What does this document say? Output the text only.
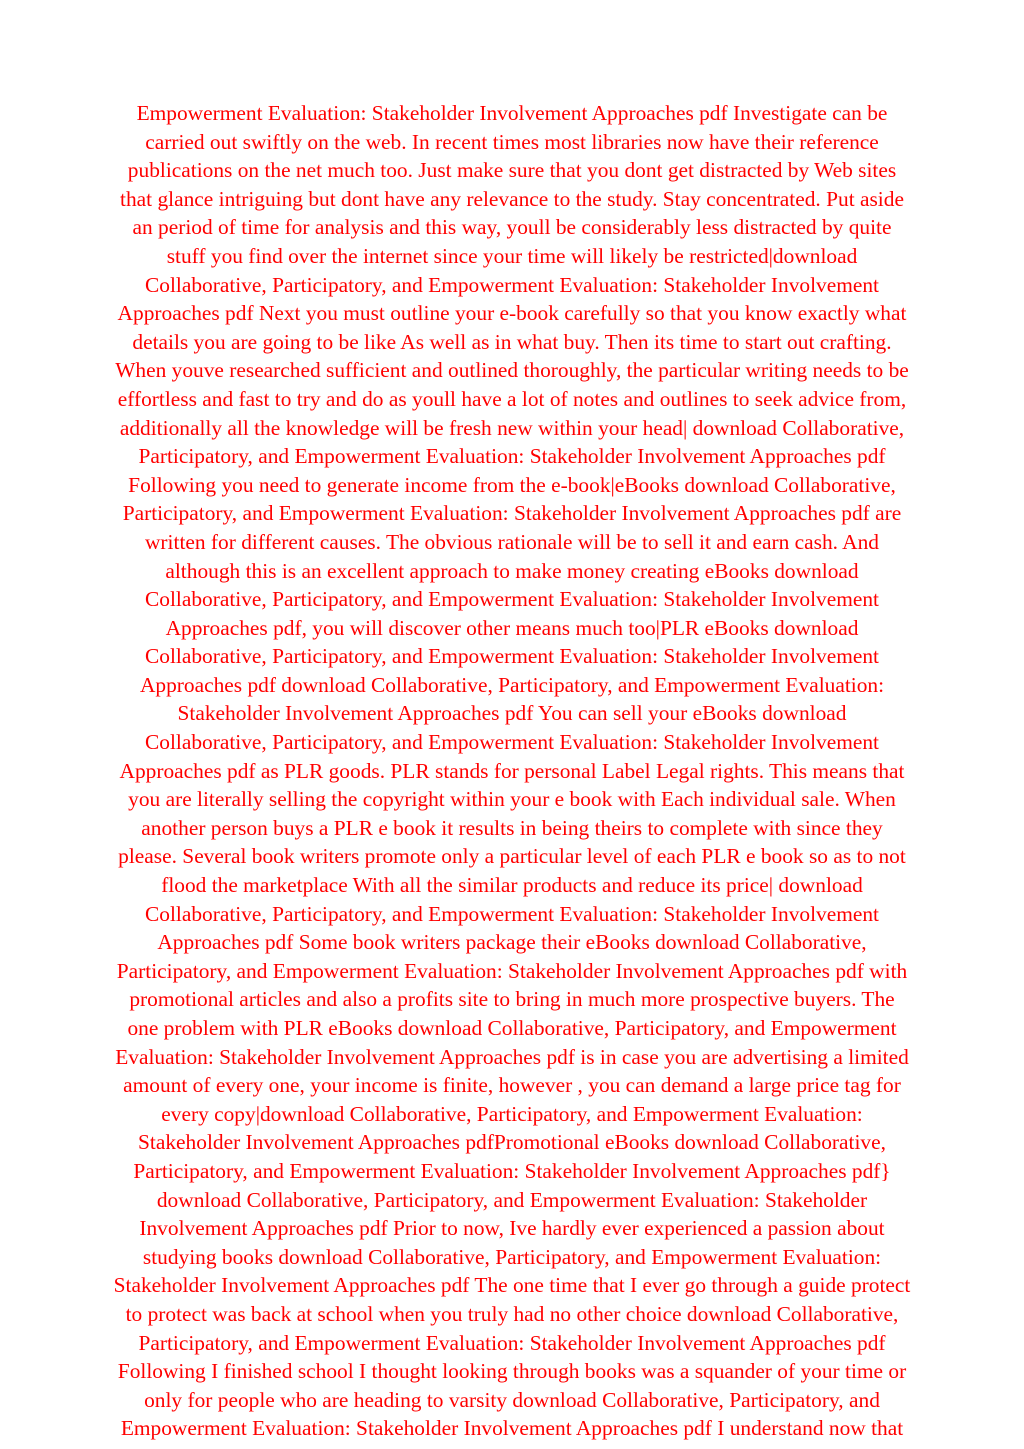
Empowerment Evaluation: Stakeholder Involvement Approaches pdf Investigate can be
carried out swiftly on the web. In recent times most libraries now have their reference
publications on the net much too. Just make sure that you dont get distracted by Web sites
that glance intriguing but dont have any relevance to the study. Stay concentrated. Put aside
an period of time for analysis and this way, youll be considerably less distracted by quite
stuff you find over the internet since your time will likely be restricted|download
Collaborative, Participatory, and Empowerment Evaluation: Stakeholder Involvement
Approaches pdf Next you must outline your e-book carefully so that you know exactly what
details you are going to be like As well as in what buy. Then its time to start out crafting.
When youve researched sufficient and outlined thoroughly, the particular writing needs to be
effortless and fast to try and do as youll have a lot of notes and outlines to seek advice from,
additionally all the knowledge will be fresh new within your head| download Collaborative,
Participatory, and Empowerment Evaluation: Stakeholder Involvement Approaches pdf
Following you need to generate income from the e-book|eBooks download Collaborative,
Participatory, and Empowerment Evaluation: Stakeholder Involvement Approaches pdf are
written for different causes. The obvious rationale will be to sell it and earn cash. And
although this is an excellent approach to make money creating eBooks download
Collaborative, Participatory, and Empowerment Evaluation: Stakeholder Involvement
Approaches pdf, you will discover other means much too|PLR eBooks download
Collaborative, Participatory, and Empowerment Evaluation: Stakeholder Involvement
Approaches pdf download Collaborative, Participatory, and Empowerment Evaluation:
Stakeholder Involvement Approaches pdf You can sell your eBooks download
Collaborative, Participatory, and Empowerment Evaluation: Stakeholder Involvement
Approaches pdf as PLR goods. PLR stands for personal Label Legal rights. This means that
you are literally selling the copyright within your e book with Each individual sale. When
another person buys a PLR e book it results in being theirs to complete with since they
please. Several book writers promote only a particular level of each PLR e book so as to not
flood the marketplace With all the similar products and reduce its price| download
Collaborative, Participatory, and Empowerment Evaluation: Stakeholder Involvement
Approaches pdf Some book writers package their eBooks download Collaborative,
Participatory, and Empowerment Evaluation: Stakeholder Involvement Approaches pdf with
promotional articles and also a profits site to bring in much more prospective buyers. The
one problem with PLR eBooks download Collaborative, Participatory, and Empowerment
Evaluation: Stakeholder Involvement Approaches pdf is in case you are advertising a limited
amount of every one, your income is finite, however , you can demand a large price tag for
every copy|download Collaborative, Participatory, and Empowerment Evaluation:
Stakeholder Involvement Approaches pdfPromotional eBooks download Collaborative,
Participatory, and Empowerment Evaluation: Stakeholder Involvement Approaches pdf}
download Collaborative, Participatory, and Empowerment Evaluation: Stakeholder
Involvement Approaches pdf Prior to now, Ive hardly ever experienced a passion about
studying books download Collaborative, Participatory, and Empowerment Evaluation:
Stakeholder Involvement Approaches pdf The one time that I ever go through a guide protect
to protect was back at school when you truly had no other choice download Collaborative,
Participatory, and Empowerment Evaluation: Stakeholder Involvement Approaches pdf
Following I finished school I thought looking through books was a squander of your time or
only for people who are heading to varsity download Collaborative, Participatory, and
Empowerment Evaluation: Stakeholder Involvement Approaches pdf I understand now that
